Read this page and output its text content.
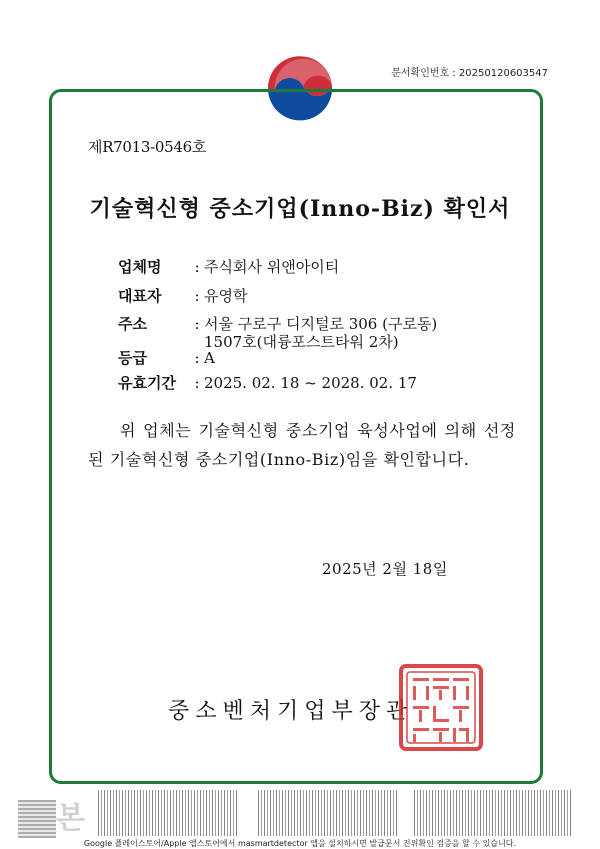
문서확인번호 : 20250120603547
제R7013-0546호
기술혁신형 중소기업(Inno-Biz) 확인서
업체명	: 주식회사 위앤아이티
대표자	: 유영학
주소	: 서울 구로구 디지털로 306 (구로동) 1507호(대륭포스트타워 2차)
등급	: A
유효기간	: 2025. 02. 18 ~ 2028. 02. 17
위 업체는 기술혁신형 중소기업 육성사업에 의해 선정된 기술혁신형 중소기업(Inno-Biz)임을 확인합니다.
2025년 2월 18일
중소벤처기업부장관
본
Google 플레이스토어/Apple 앱스토어에서 masmartdetector 앱을 설치하시면 발급문서 진위확인 검증을 할 수 있습니다.
